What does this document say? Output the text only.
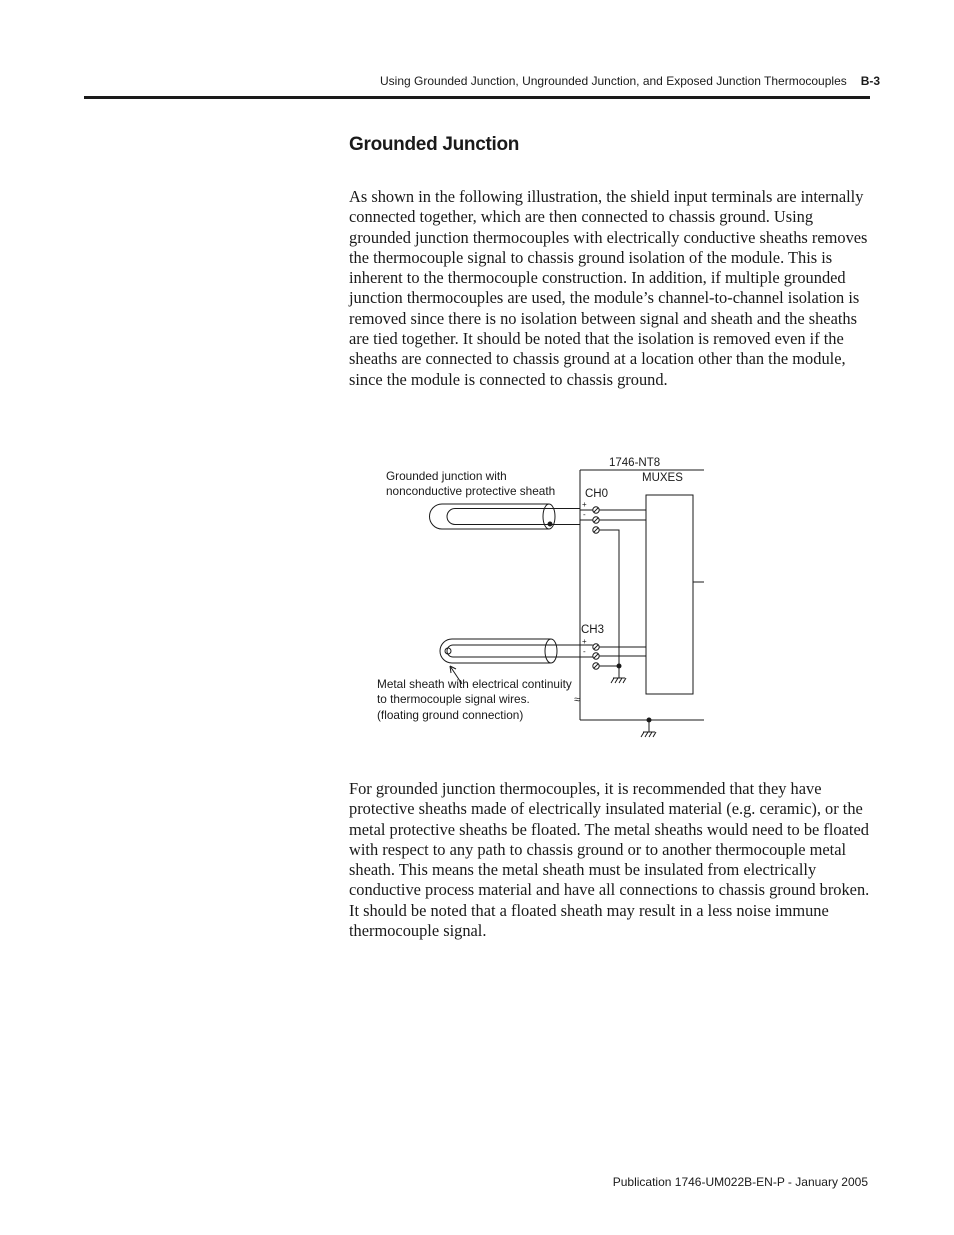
Using Grounded Junction, Ungrounded Junction, and Exposed Junction Thermocouples B-3
Grounded Junction

As shown in the following illustration, the shield input terminals are internally connected together, which are then connected to chassis ground. Using grounded junction thermocouples with electrically conductive sheaths removes the thermocouple signal to chassis ground isolation of the module. This is inherent to the thermocouple construction. In addition, if multiple grounded junction thermocouples are used, the module’s channel-to-channel isolation is removed since there is no isolation between signal and sheath and the sheaths are tied together. It should be noted that the isolation is removed even if the sheaths are connected to chassis ground at a location other than the module, since the module is connected to chassis ground.

1746-NT8
MUXES
CH0
CH3
+
-
+
-
≈
Grounded junction with
nonconductive protective sheath
Metal sheath with electrical continuity
to thermocouple signal wires.
(floating ground connection)

For grounded junction thermocouples, it is recommended that they have protective sheaths made of electrically insulated material (e.g. ceramic), or the metal protective sheaths be floated. The metal sheaths would need to be floated with respect to any path to chassis ground or to another thermocouple metal sheath. This means the metal sheath must be insulated from electrically conductive process material and have all connections to chassis ground broken. It should be noted that a floated sheath may result in a less noise immune thermocouple signal.

Publication 1746-UM022B-EN-P - January 2005
